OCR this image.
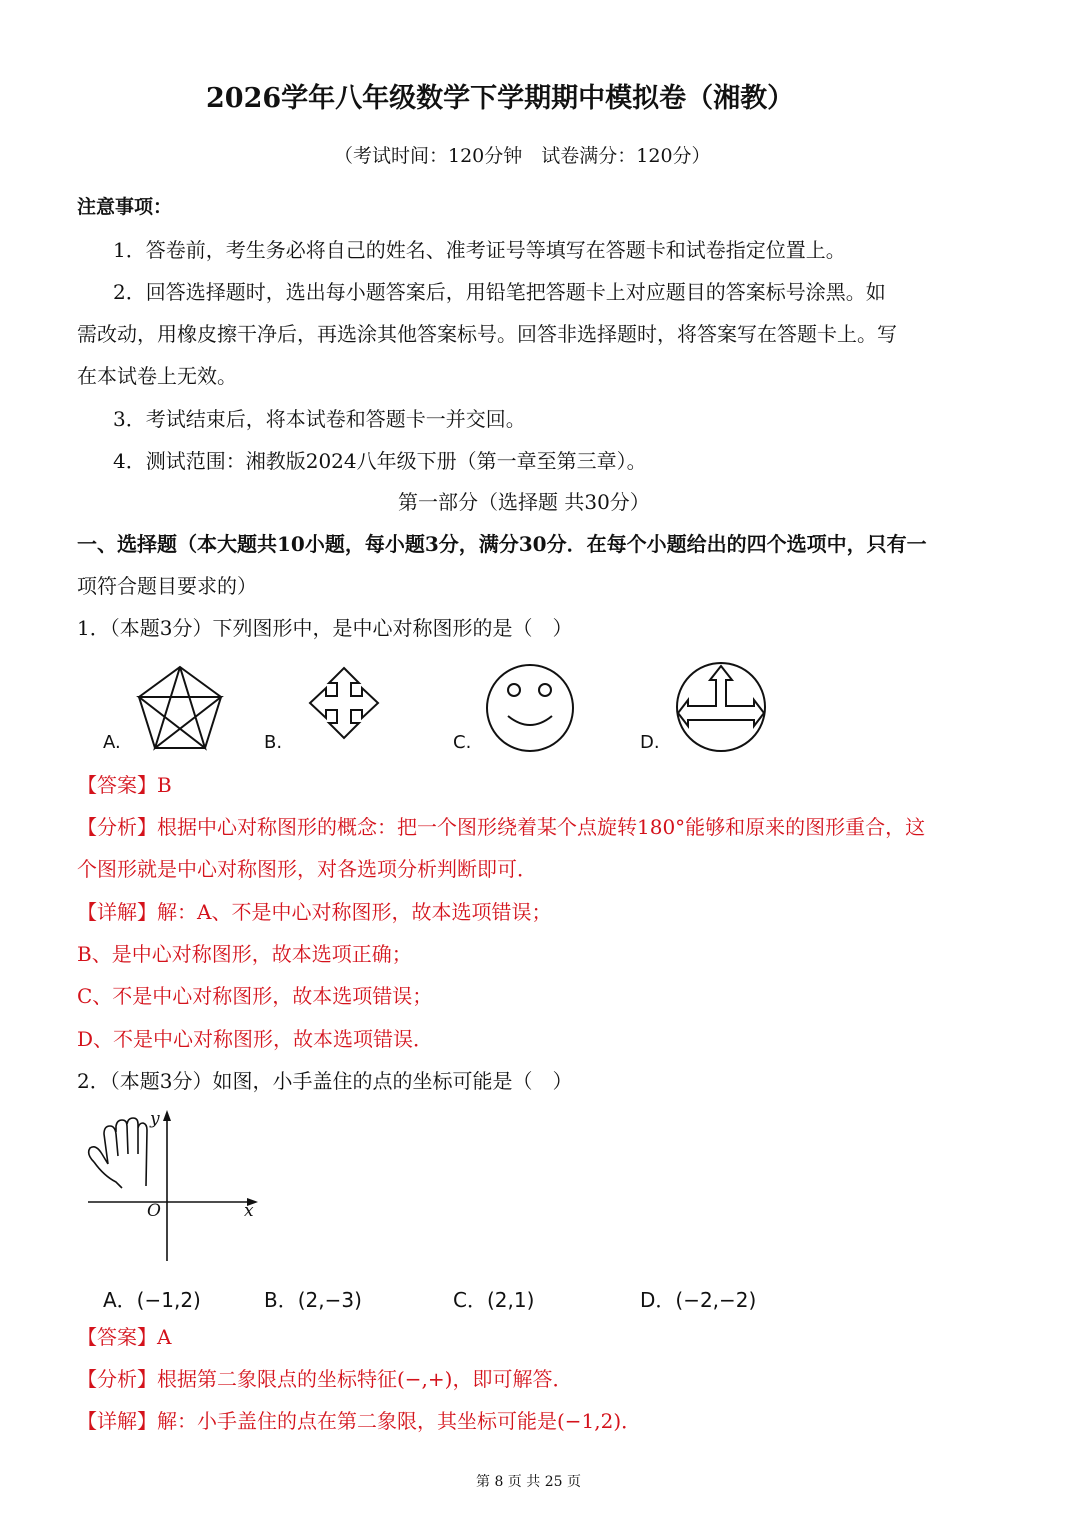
2026学年八年级数学下学期期中模拟卷（湘教）
（考试时间：120分钟　试卷满分：120分）
注意事项：
1．答卷前，考生务必将自己的姓名、准考证号等填写在答题卡和试卷指定位置上。
2．回答选择题时，选出每小题答案后，用铅笔把答题卡上对应题目的答案标号涂黑。如
需改动，用橡皮擦干净后，再选涂其他答案标号。回答非选择题时，将答案写在答题卡上。写
在本试卷上无效。
3．考试结束后，将本试卷和答题卡一并交回。
4．测试范围：湘教版2024八年级下册（第一章至第三章）。
第一部分（选择题 共30分）
一、选择题（本大题共10小题，每小题3分，满分30分．在每个小题给出的四个选项中，只有一
项符合题目要求的）
1．（本题3分）下列图形中，是中心对称图形的是（　）
A.	B.	C.	D.
【答案】B
【分析】根据中心对称图形的概念：把一个图形绕着某个点旋转180°能够和原来的图形重合，这
个图形就是中心对称图形，对各选项分析判断即可．
【详解】解：A、不是中心对称图形，故本选项错误；
B、是中心对称图形，故本选项正确；
C、不是中心对称图形，故本选项错误；
D、不是中心对称图形，故本选项错误．
2．（本题3分）如图，小手盖住的点的坐标可能是（　）
y
x
O
A．(−1,2)	B．(2,−3)	C．(2,1)	D．(−2,−2)
【答案】A
【分析】根据第二象限点的坐标特征(−,+)，即可解答．
【详解】解：小手盖住的点在第二象限，其坐标可能是(−1,2)．
第 8 页 共 25 页
